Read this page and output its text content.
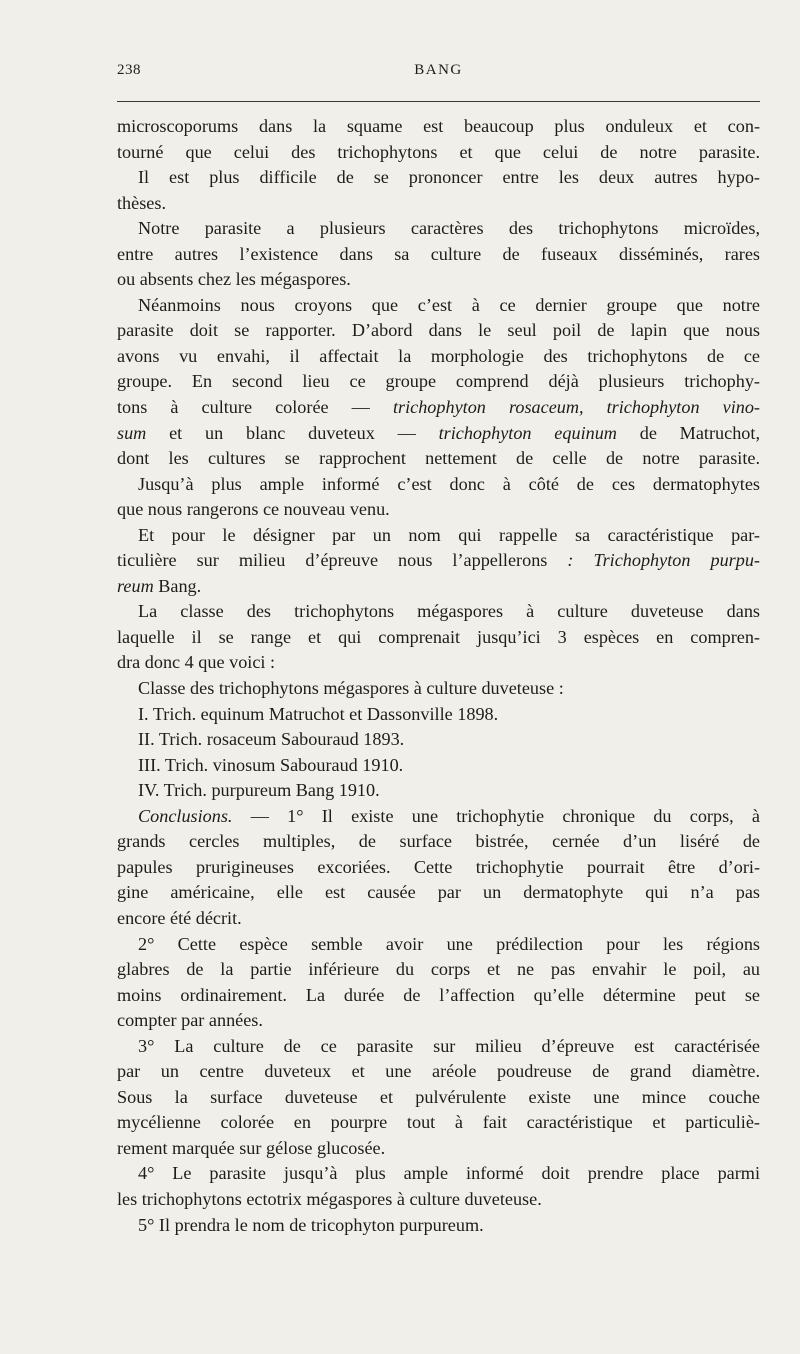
238	BANG
microscoporums dans la squame est beaucoup plus onduleux et con-
tourné que celui des trichophytons et que celui de notre parasite.
Il est plus difficile de se prononcer entre les deux autres hypo-
thèses.
Notre parasite a plusieurs caractères des trichophytons microïdes,
entre autres l’existence dans sa culture de fuseaux disséminés, rares
ou absents chez les mégaspores.
Néanmoins nous croyons que c’est à ce dernier groupe que notre
parasite doit se rapporter. D’abord dans le seul poil de lapin que nous
avons vu envahi, il affectait la morphologie des trichophytons de ce
groupe. En second lieu ce groupe comprend déjà plusieurs trichophy-
tons à culture colorée — trichophyton rosaceum, trichophyton vino-
sum et un blanc duveteux — trichophyton equinum de Matruchot,
dont les cultures se rapprochent nettement de celle de notre parasite.
Jusqu’à plus ample informé c’est donc à côté de ces dermatophytes
que nous rangerons ce nouveau venu.
Et pour le désigner par un nom qui rappelle sa caractéristique par-
ticulière sur milieu d’épreuve nous l’appellerons : Trichophyton purpu-
reum Bang.
La classe des trichophytons mégaspores à culture duveteuse dans
laquelle il se range et qui comprenait jusqu’ici 3 espèces en compren-
dra donc 4 que voici :
Classe des trichophytons mégaspores à culture duveteuse :
I. Trich. equinum Matruchot et Dassonville 1898.
II. Trich. rosaceum Sabouraud 1893.
III. Trich. vinosum Sabouraud 1910.
IV. Trich. purpureum Bang 1910.
Conclusions. — 1° Il existe une trichophytie chronique du corps, à
grands cercles multiples, de surface bistrée, cernée d’un liséré de
papules prurigineuses excoriées. Cette trichophytie pourrait être d’ori-
gine américaine, elle est causée par un dermatophyte qui n’a pas
encore été décrit.
2° Cette espèce semble avoir une prédilection pour les régions
glabres de la partie inférieure du corps et ne pas envahir le poil, au
moins ordinairement. La durée de l’affection qu’elle détermine peut se
compter par années.
3° La culture de ce parasite sur milieu d’épreuve est caractérisée
par un centre duveteux et une aréole poudreuse de grand diamètre.
Sous la surface duveteuse et pulvérulente existe une mince couche
mycélienne colorée en pourpre tout à fait caractéristique et particuliè-
rement marquée sur gélose glucosée.
4° Le parasite jusqu’à plus ample informé doit prendre place parmi
les trichophytons ectotrix mégaspores à culture duveteuse.
5° Il prendra le nom de tricophyton purpureum.
